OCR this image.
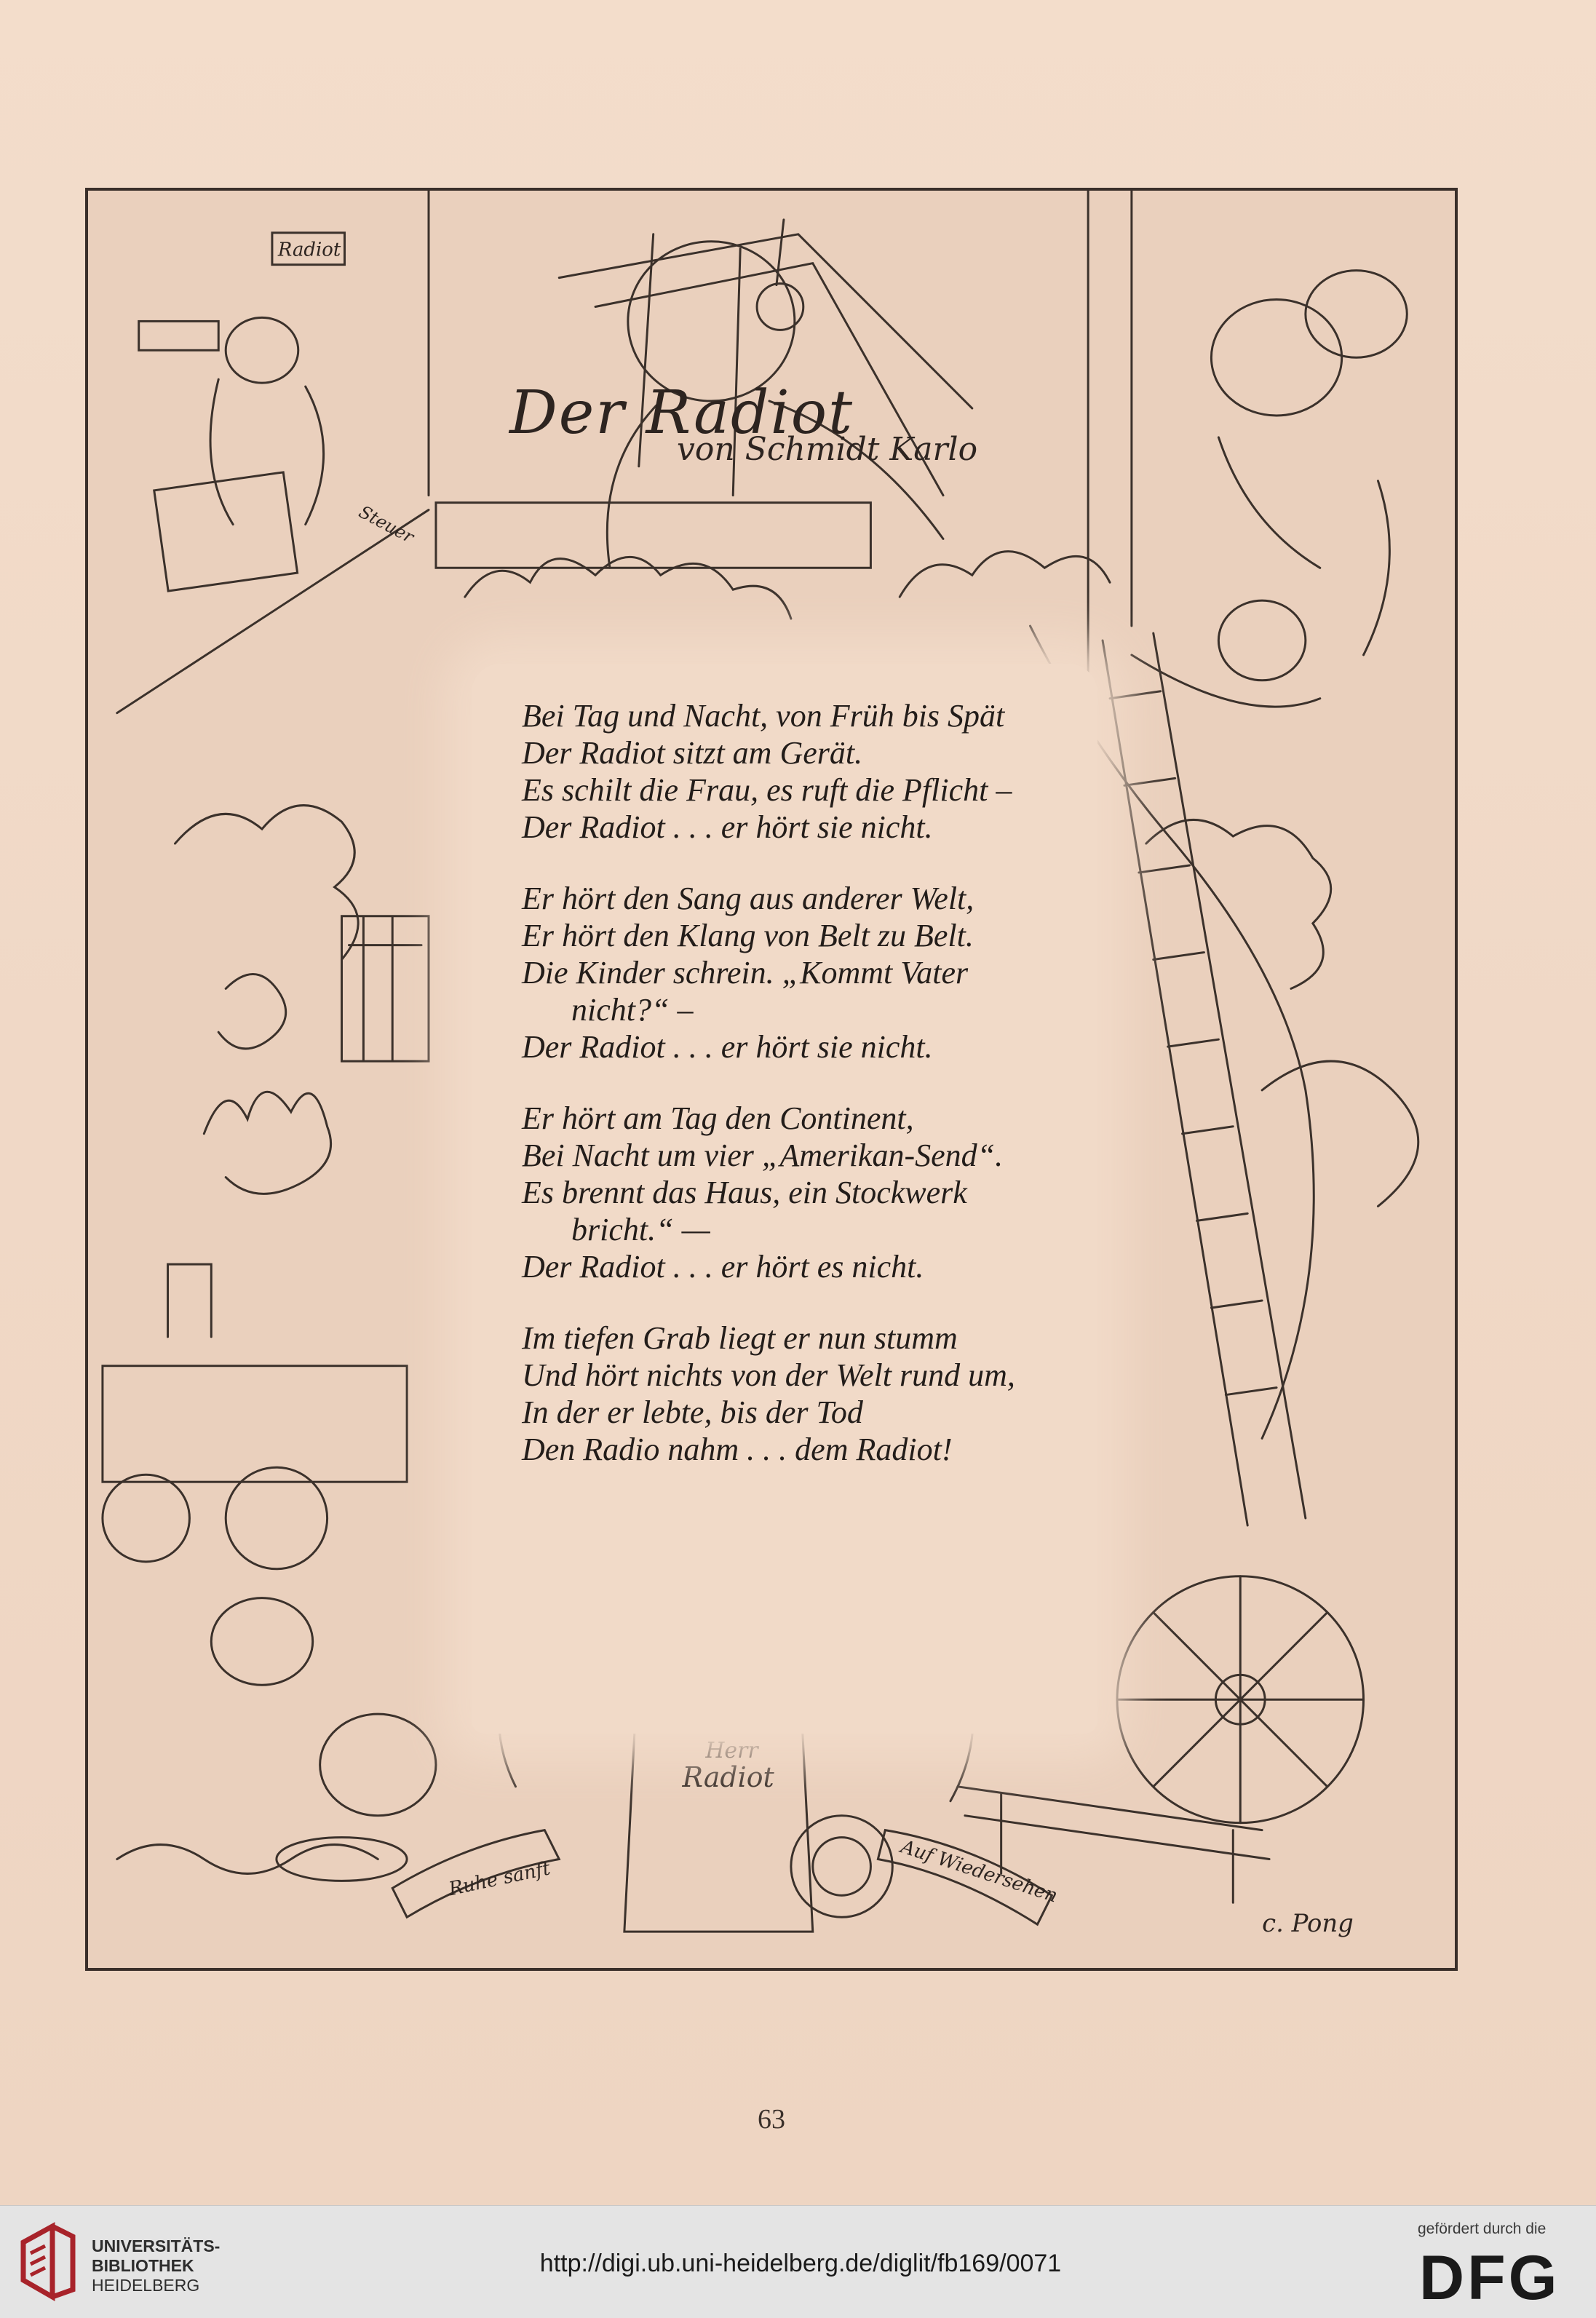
Radiot
Steuer
Herr
Radiot
Ruhe sanft	Auf Wiedersehen
c. Pong
Der Radiot
von Schmidt Karlo
Bei Tag und Nacht, von Früh bis Spät
Der Radiot sitzt am Gerät.
Es schilt die Frau, es ruft die Pflicht –
Der Radiot . . . er hört sie nicht.
Er hört den Sang aus anderer Welt,
Er hört den Klang von Belt zu Belt.
Die Kinder schrein. „Kommt Vater
nicht?“ –
Der Radiot . . . er hört sie nicht.
Er hört am Tag den Continent,
Bei Nacht um vier „Amerikan-Send“.
Es brennt das Haus, ein Stockwerk
bricht.“ —
Der Radiot . . . er hört es nicht.
Im tiefen Grab liegt er nun stumm
Und hört nichts von der Welt rund um,
In der er lebte, bis der Tod
Den Radio nahm . . . dem Radiot!
63
UNIVERSITÄTS-
BIBLIOTHEK
HEIDELBERG
http://digi.ub.uni-heidelberg.de/diglit/fb169/0071
gefördert durch die
DFG
